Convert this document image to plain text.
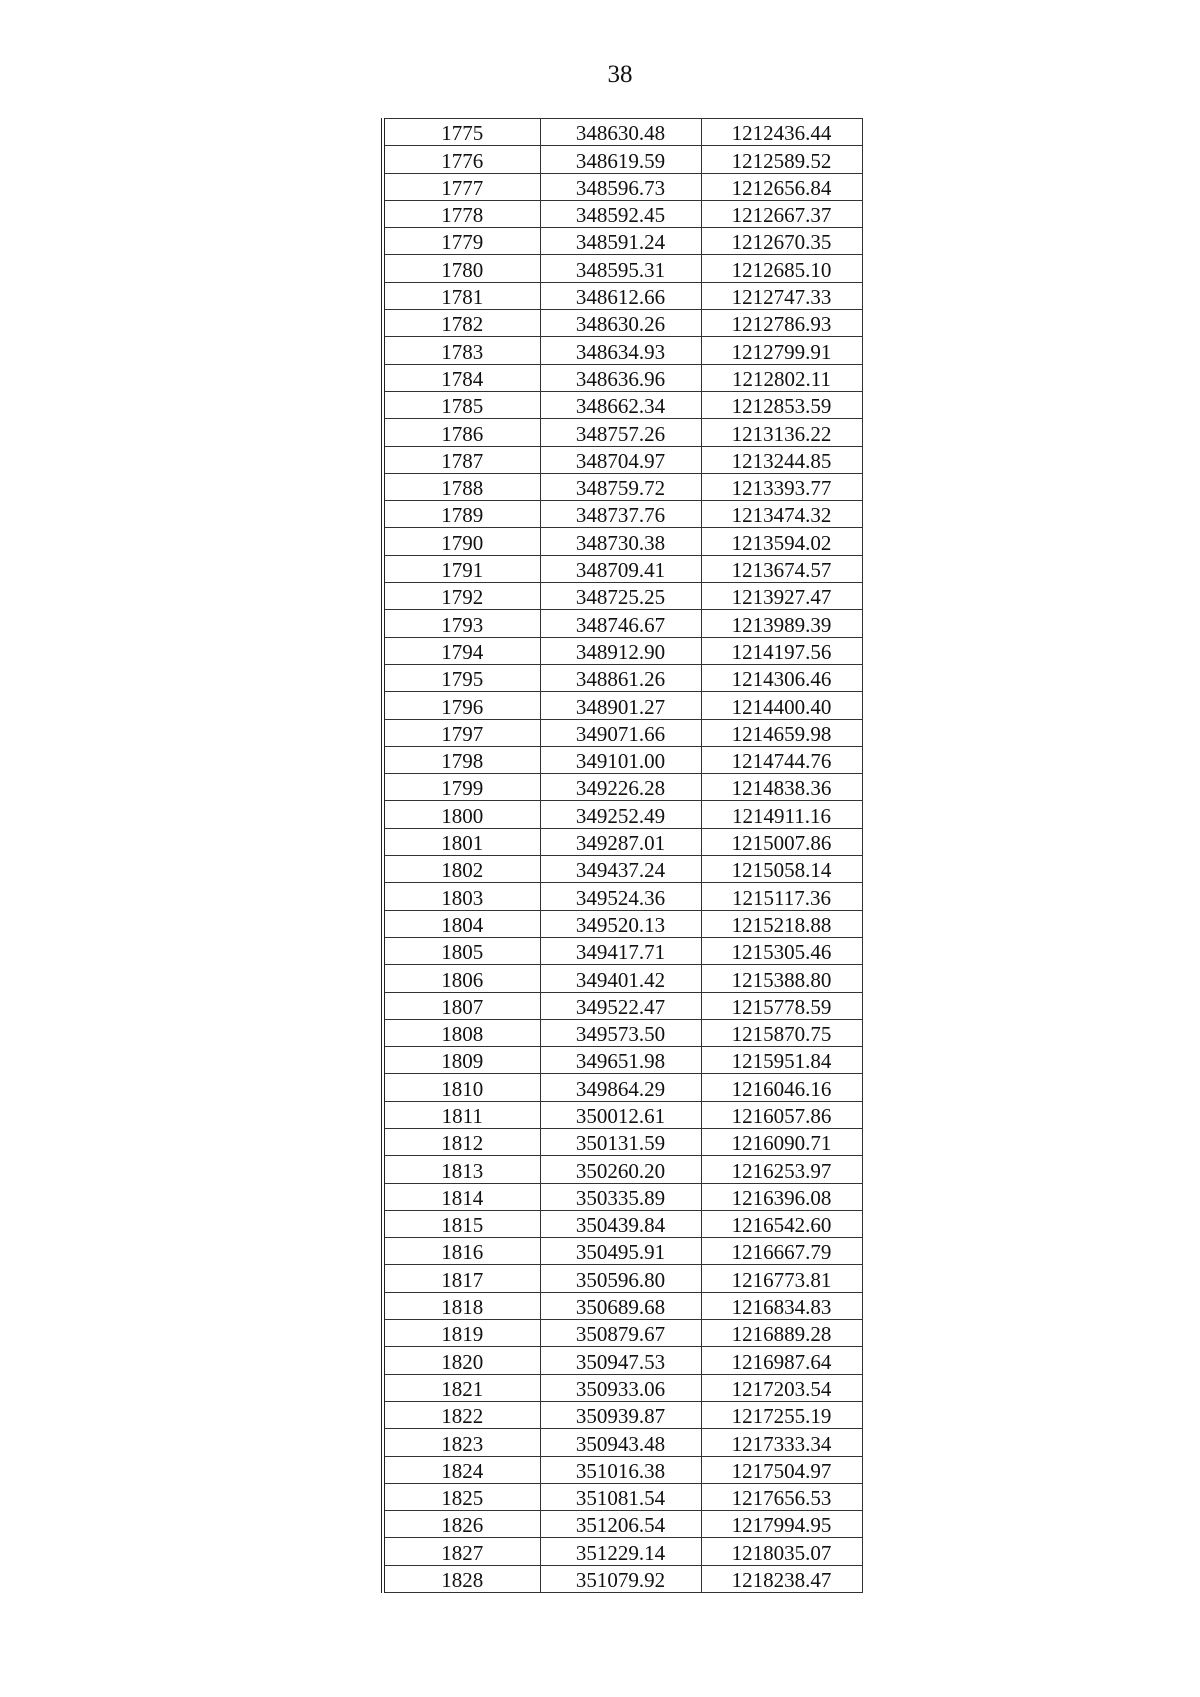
38
1775	348630.48	1212436.44
1776	348619.59	1212589.52
1777	348596.73	1212656.84
1778	348592.45	1212667.37
1779	348591.24	1212670.35
1780	348595.31	1212685.10
1781	348612.66	1212747.33
1782	348630.26	1212786.93
1783	348634.93	1212799.91
1784	348636.96	1212802.11
1785	348662.34	1212853.59
1786	348757.26	1213136.22
1787	348704.97	1213244.85
1788	348759.72	1213393.77
1789	348737.76	1213474.32
1790	348730.38	1213594.02
1791	348709.41	1213674.57
1792	348725.25	1213927.47
1793	348746.67	1213989.39
1794	348912.90	1214197.56
1795	348861.26	1214306.46
1796	348901.27	1214400.40
1797	349071.66	1214659.98
1798	349101.00	1214744.76
1799	349226.28	1214838.36
1800	349252.49	1214911.16
1801	349287.01	1215007.86
1802	349437.24	1215058.14
1803	349524.36	1215117.36
1804	349520.13	1215218.88
1805	349417.71	1215305.46
1806	349401.42	1215388.80
1807	349522.47	1215778.59
1808	349573.50	1215870.75
1809	349651.98	1215951.84
1810	349864.29	1216046.16
1811	350012.61	1216057.86
1812	350131.59	1216090.71
1813	350260.20	1216253.97
1814	350335.89	1216396.08
1815	350439.84	1216542.60
1816	350495.91	1216667.79
1817	350596.80	1216773.81
1818	350689.68	1216834.83
1819	350879.67	1216889.28
1820	350947.53	1216987.64
1821	350933.06	1217203.54
1822	350939.87	1217255.19
1823	350943.48	1217333.34
1824	351016.38	1217504.97
1825	351081.54	1217656.53
1826	351206.54	1217994.95
1827	351229.14	1218035.07
1828	351079.92	1218238.47
